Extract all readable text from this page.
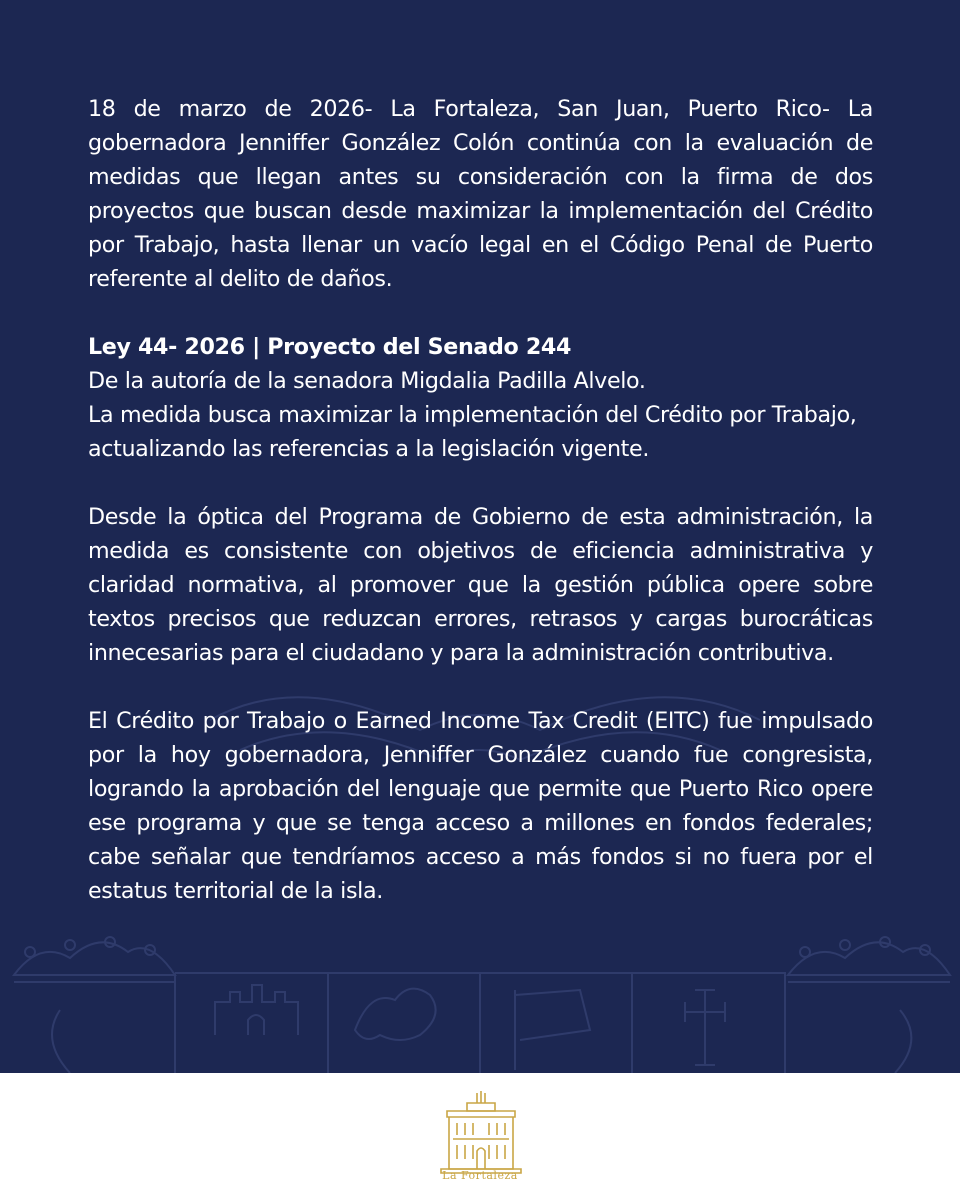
18 de marzo de 2026- La Fortaleza, San Juan, Puerto Rico- La gobernadora Jenniffer González Colón continúa con la evaluación de medidas que llegan antes su consideración con la firma de dos proyectos que buscan desde maximizar la implementación del Crédito por Trabajo, hasta llenar un vacío legal en el Código Penal de Puerto referente al delito de daños.

Ley 44- 2026 | Proyecto del Senado 244
De la autoría de la senadora Migdalia Padilla Alvelo.
La medida busca maximizar la implementación del Crédito por Trabajo, actualizando las referencias a la legislación vigente.

Desde la óptica del Programa de Gobierno de esta administración, la medida es consistente con objetivos de eficiencia administrativa y claridad normativa, al promover que la gestión pública opere sobre textos precisos que reduzcan errores, retrasos y cargas burocráticas innecesarias para el ciudadano y para la administración contributiva.

El Crédito por Trabajo o Earned Income Tax Credit (EITC) fue impulsado por la hoy gobernadora, Jenniffer González cuando fue congresista, logrando la aprobación del lenguaje que permite que Puerto Rico opere ese programa y que se tenga acceso a millones en fondos federales; cabe señalar que tendríamos acceso a más fondos si no fuera por el estatus territorial de la isla.

La Fortaleza
